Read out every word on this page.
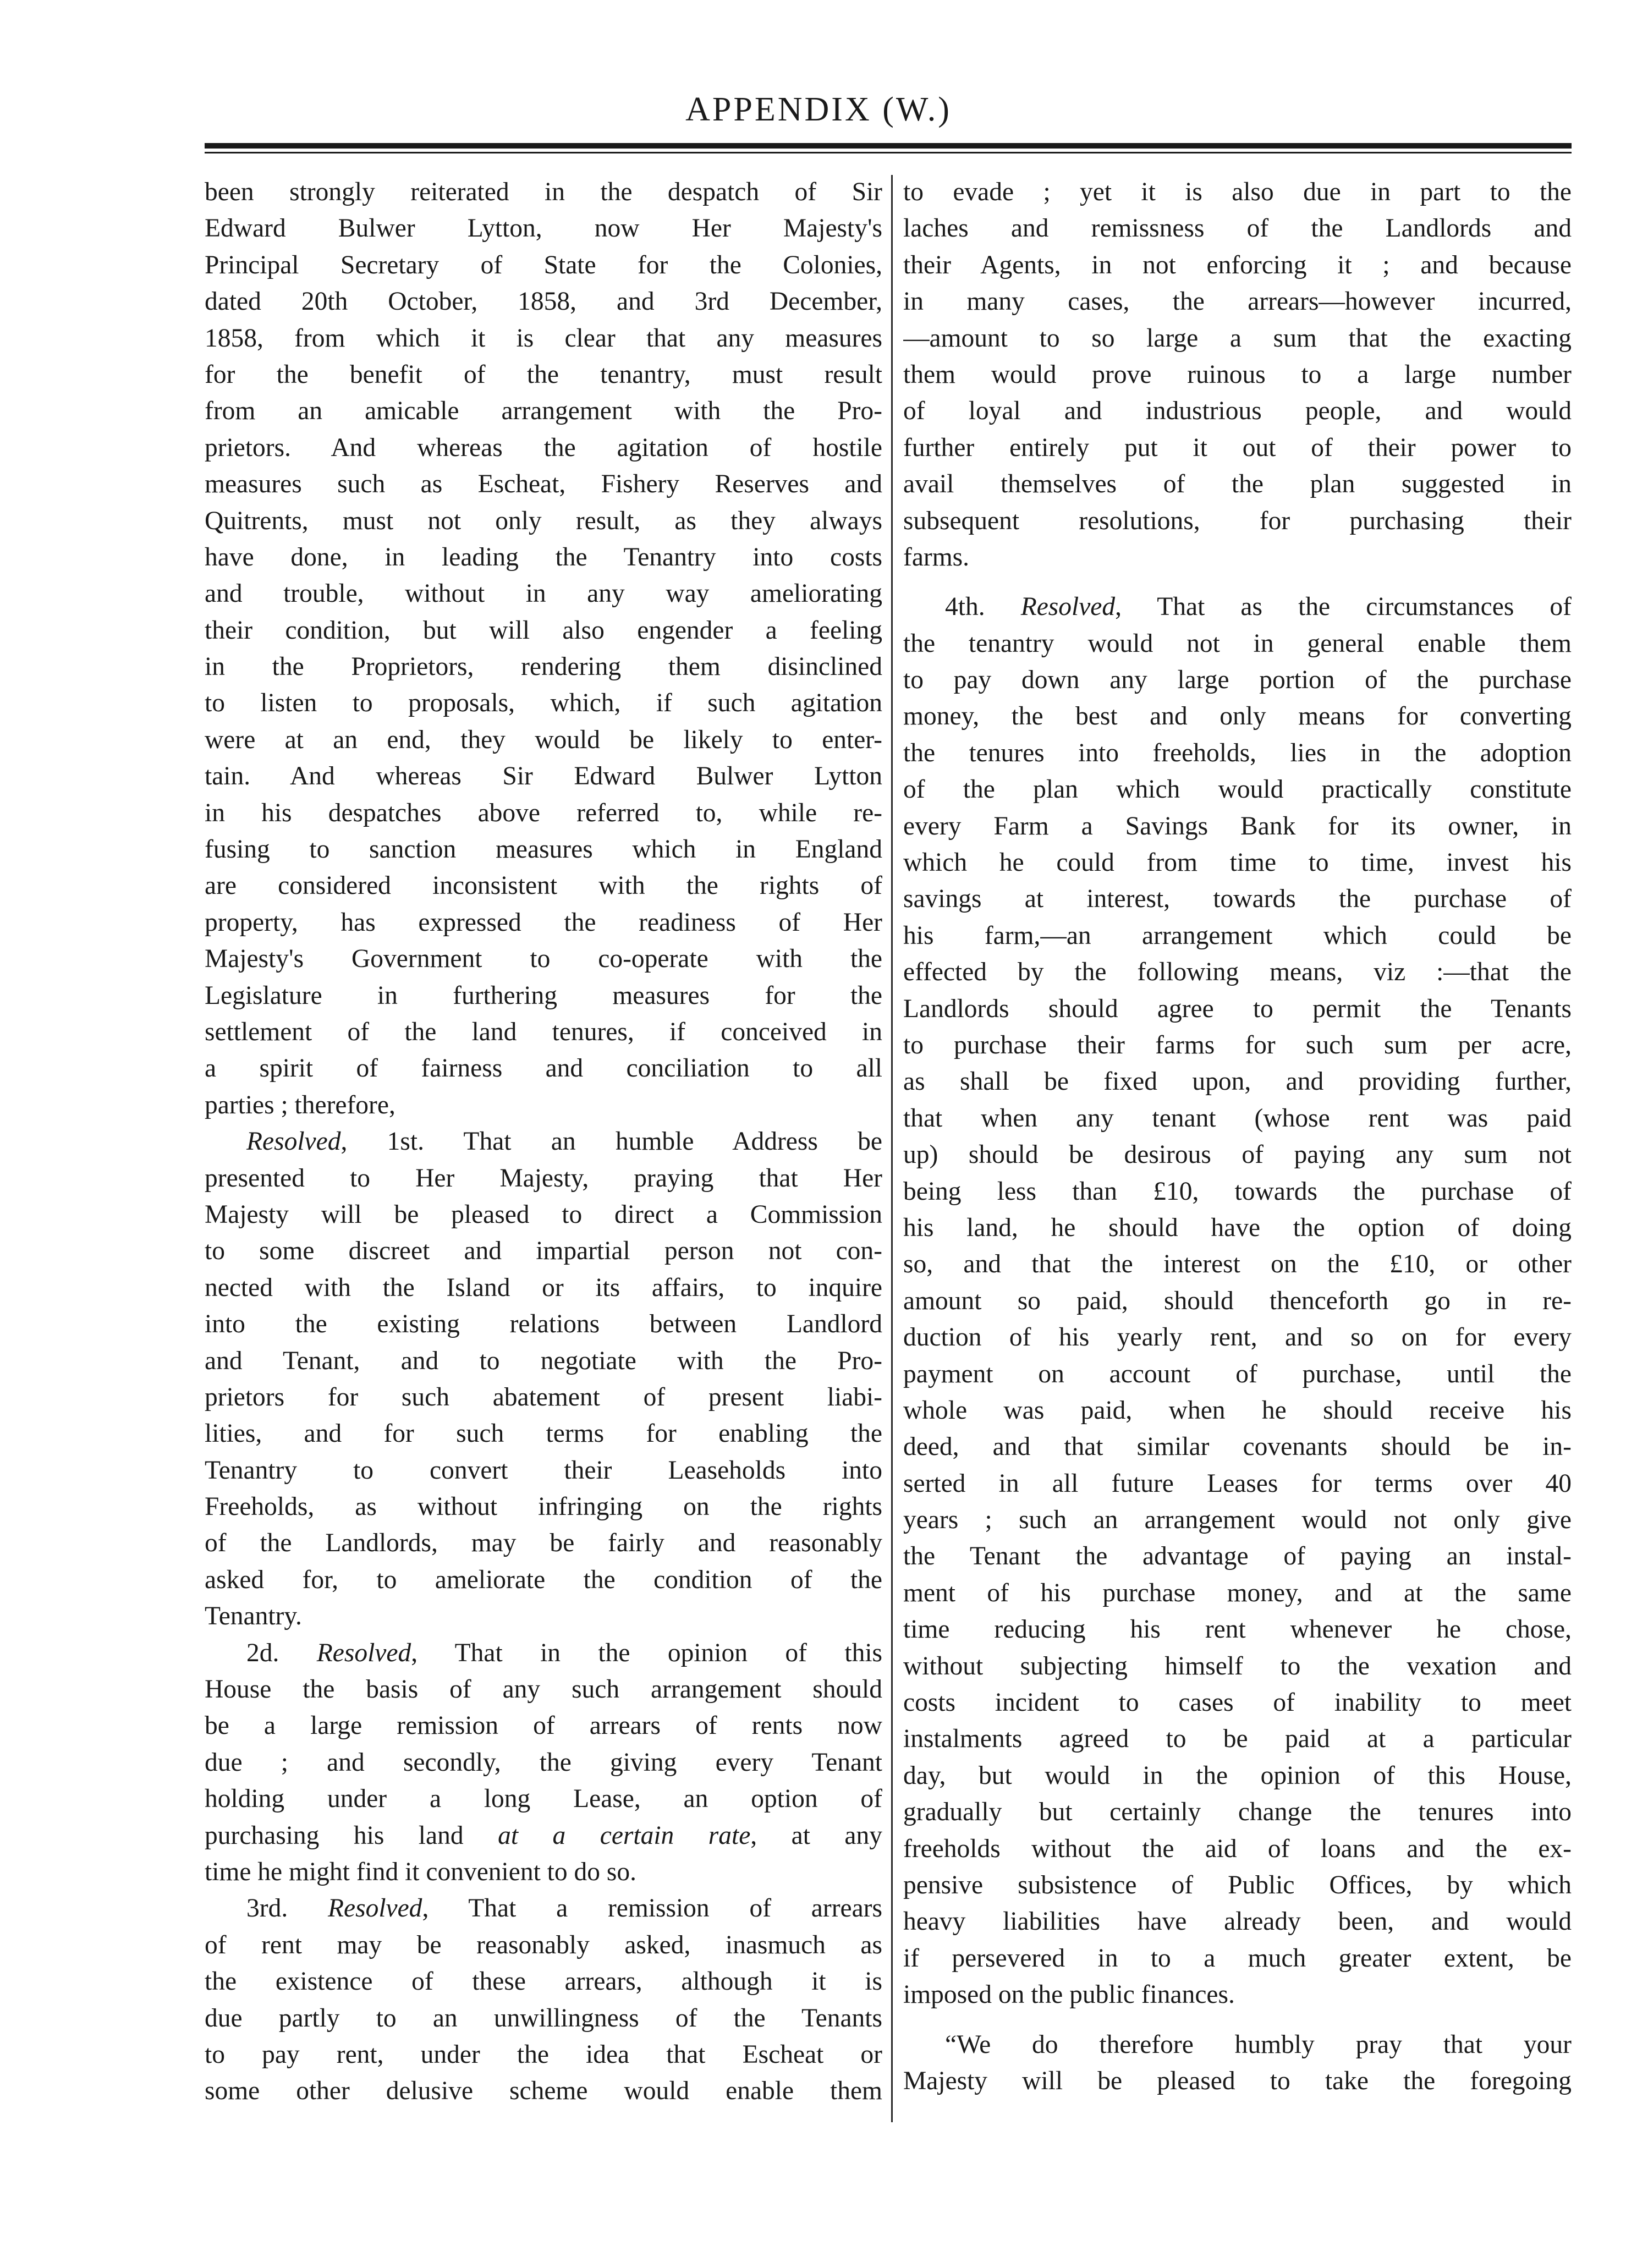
APPENDIX (W.)
been strongly reiterated in the despatch of Sir
Edward Bulwer Lytton, now Her Majesty's
Principal Secretary of State for the Colonies,
dated 20th October, 1858, and 3rd December,
1858, from which it is clear that any measures
for the benefit of the tenantry, must result
from an amicable arrangement with the Pro-
prietors. And whereas the agitation of hostile
measures such as Escheat, Fishery Reserves and
Quitrents, must not only result, as they always
have done, in leading the Tenantry into costs
and trouble, without in any way ameliorating
their condition, but will also engender a feeling
in the Proprietors, rendering them disinclined
to listen to proposals, which, if such agitation
were at an end, they would be likely to enter-
tain. And whereas Sir Edward Bulwer Lytton
in his despatches above referred to, while re-
fusing to sanction measures which in England
are considered inconsistent with the rights of
property, has expressed the readiness of Her
Majesty's Government to co-operate with the
Legislature in furthering measures for the
settlement of the land tenures, if conceived in
a spirit of fairness and conciliation to all
parties ; therefore,
Resolved, 1st. That an humble Address be
presented to Her Majesty, praying that Her
Majesty will be pleased to direct a Commission
to some discreet and impartial person not con-
nected with the Island or its affairs, to inquire
into the existing relations between Landlord
and Tenant, and to negotiate with the Pro-
prietors for such abatement of present liabi-
lities, and for such terms for enabling the
Tenantry to convert their Leaseholds into
Freeholds, as without infringing on the rights
of the Landlords, may be fairly and reasonably
asked for, to ameliorate the condition of the
Tenantry.
2d. Resolved, That in the opinion of this
House the basis of any such arrangement should
be a large remission of arrears of rents now
due ; and secondly, the giving every Tenant
holding under a long Lease, an option of
purchasing his land at a certain rate, at any
time he might find it convenient to do so.
3rd. Resolved, That a remission of arrears
of rent may be reasonably asked, inasmuch as
the existence of these arrears, although it is
due partly to an unwillingness of the Tenants
to pay rent, under the idea that Escheat or
some other delusive scheme would enable them
to evade ; yet it is also due in part to the
laches and remissness of the Landlords and
their Agents, in not enforcing it ; and because
in many cases, the arrears—however incurred,
—amount to so large a sum that the exacting
them would prove ruinous to a large number
of loyal and industrious people, and would
further entirely put it out of their power to
avail themselves of the plan suggested in
subsequent resolutions, for purchasing their
farms.
4th. Resolved, That as the circumstances of
the tenantry would not in general enable them
to pay down any large portion of the purchase
money, the best and only means for converting
the tenures into freeholds, lies in the adoption
of the plan which would practically constitute
every Farm a Savings Bank for its owner, in
which he could from time to time, invest his
savings at interest, towards the purchase of
his farm,—an arrangement which could be
effected by the following means, viz :—that the
Landlords should agree to permit the Tenants
to purchase their farms for such sum per acre,
as shall be fixed upon, and providing further,
that when any tenant (whose rent was paid
up) should be desirous of paying any sum not
being less than £10, towards the purchase of
his land, he should have the option of doing
so, and that the interest on the £10, or other
amount so paid, should thenceforth go in re-
duction of his yearly rent, and so on for every
payment on account of purchase, until the
whole was paid, when he should receive his
deed, and that similar covenants should be in-
serted in all future Leases for terms over 40
years ; such an arrangement would not only give
the Tenant the advantage of paying an instal-
ment of his purchase money, and at the same
time reducing his rent whenever he chose,
without subjecting himself to the vexation and
costs incident to cases of inability to meet
instalments agreed to be paid at a particular
day, but would in the opinion of this House,
gradually but certainly change the tenures into
freeholds without the aid of loans and the ex-
pensive subsistence of Public Offices, by which
heavy liabilities have already been, and would
if persevered in to a much greater extent, be
imposed on the public finances.
“We do therefore humbly pray that your
Majesty will be pleased to take the foregoing
